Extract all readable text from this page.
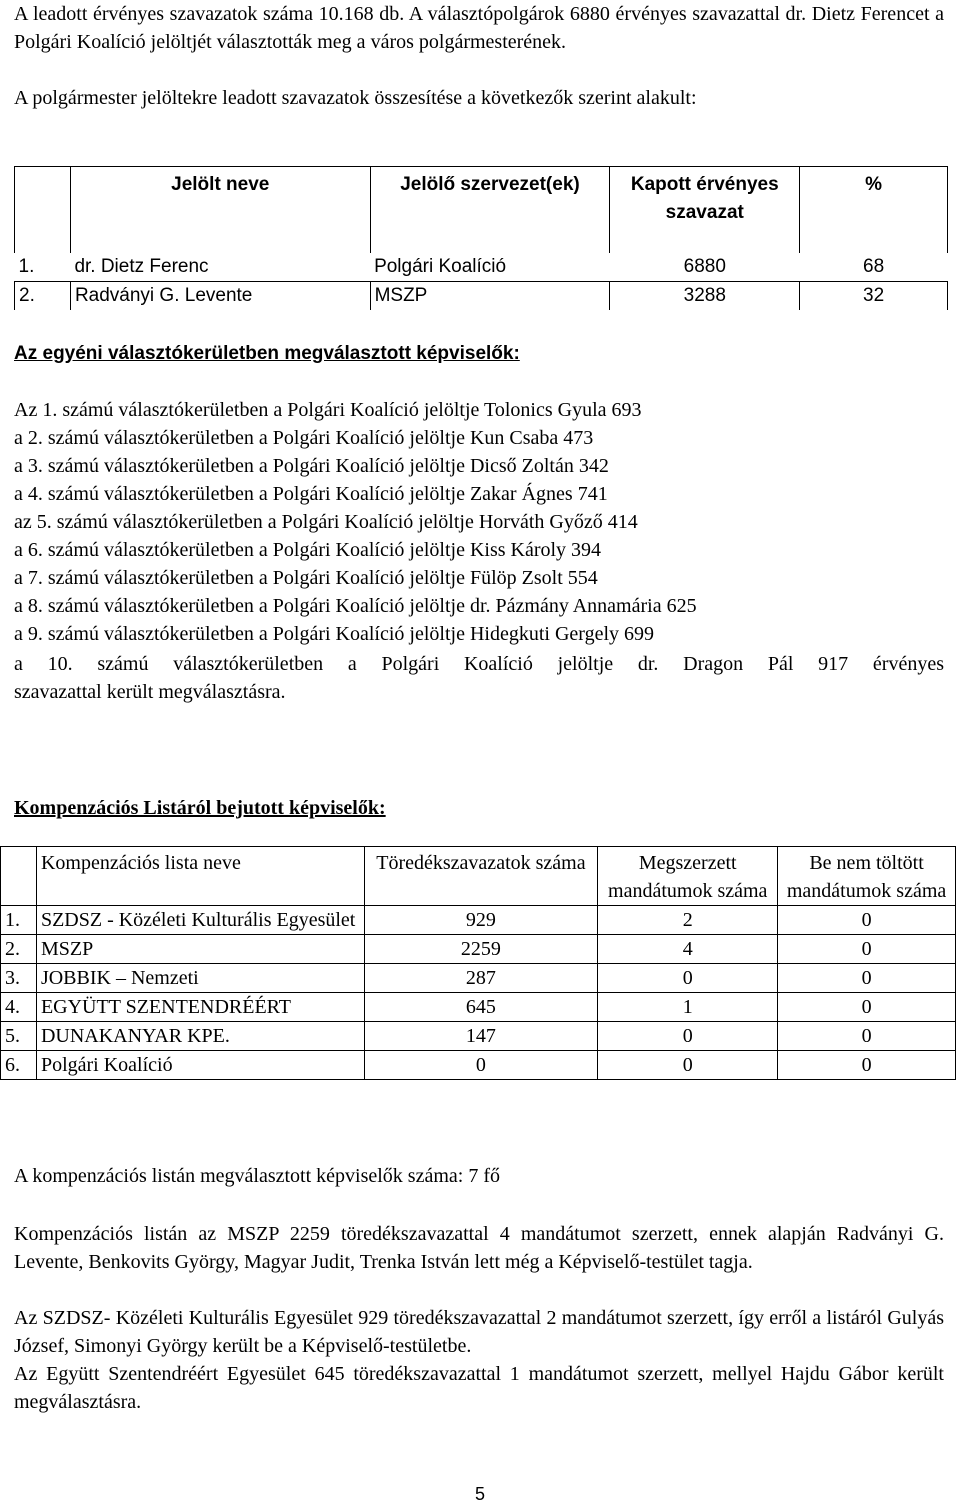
A leadott érvényes szavazatok száma 10.168 db. A választópolgárok 6880 érvényes szavazattal dr. Dietz Ferencet a Polgári Koalíció jelöltjét választották meg a város polgármesterének.
A polgármester jelöltekre leadott szavazatok összesítése a következők szerint alakult:
	Jelölt neve	Jelölő szervezet(ek)	Kapott érvényes szavazat	%
1.	dr. Dietz Ferenc	Polgári Koalíció	6880	68
2.	Radványi G. Levente	MSZP	3288	32
Az egyéni választókerületben megválasztott képviselők:
Az 1. számú választókerületben a Polgári Koalíció jelöltje Tolonics Gyula 693
a 2. számú választókerületben a Polgári Koalíció jelöltje Kun Csaba 473
a 3. számú választókerületben a Polgári Koalíció jelöltje Dicső Zoltán 342
a 4. számú választókerületben a Polgári Koalíció jelöltje Zakar Ágnes 741
az 5. számú választókerületben a Polgári Koalíció jelöltje Horváth Győző 414
a 6. számú választókerületben a Polgári Koalíció jelöltje Kiss Károly 394
a 7. számú választókerületben a Polgári Koalíció jelöltje Fülöp Zsolt 554
a 8. számú választókerületben a Polgári Koalíció jelöltje dr. Pázmány Annamária 625
a 9. számú választókerületben a Polgári Koalíció jelöltje Hidegkuti Gergely 699
a 10. számú választókerületben a Polgári Koalíció jelöltje dr. Dragon Pál 917 érvényes
szavazattal került megválasztásra.
Kompenzációs Listáról bejutott képviselők:
	Kompenzációs lista neve	Töredékszavazatok száma	Megszerzett mandátumok száma	Be nem töltött mandátumok száma
1.	SZDSZ - Közéleti Kulturális Egyesület	929	2	0
2.	MSZP	2259	4	0
3.	JOBBIK – Nemzeti	287	0	0
4.	EGYÜTT SZENTENDRÉÉRT	645	1	0
5.	DUNAKANYAR KPE.	147	0	0
6.	Polgári Koalíció	0	0	0
A kompenzációs listán megválasztott képviselők száma: 7 fő
Kompenzációs listán az MSZP 2259 töredékszavazattal 4 mandátumot szerzett, ennek alapján Radványi G. Levente, Benkovits György, Magyar Judit, Trenka István lett még a Képviselő-testület tagja.
Az SZDSZ- Közéleti Kulturális Egyesület 929 töredékszavazattal 2 mandátumot szerzett, így erről a listáról Gulyás József, Simonyi György került be a Képviselő-testületbe.
Az Együtt Szentendréért Egyesület 645 töredékszavazattal 1 mandátumot szerzett, mellyel Hajdu Gábor került megválasztásra.
5
